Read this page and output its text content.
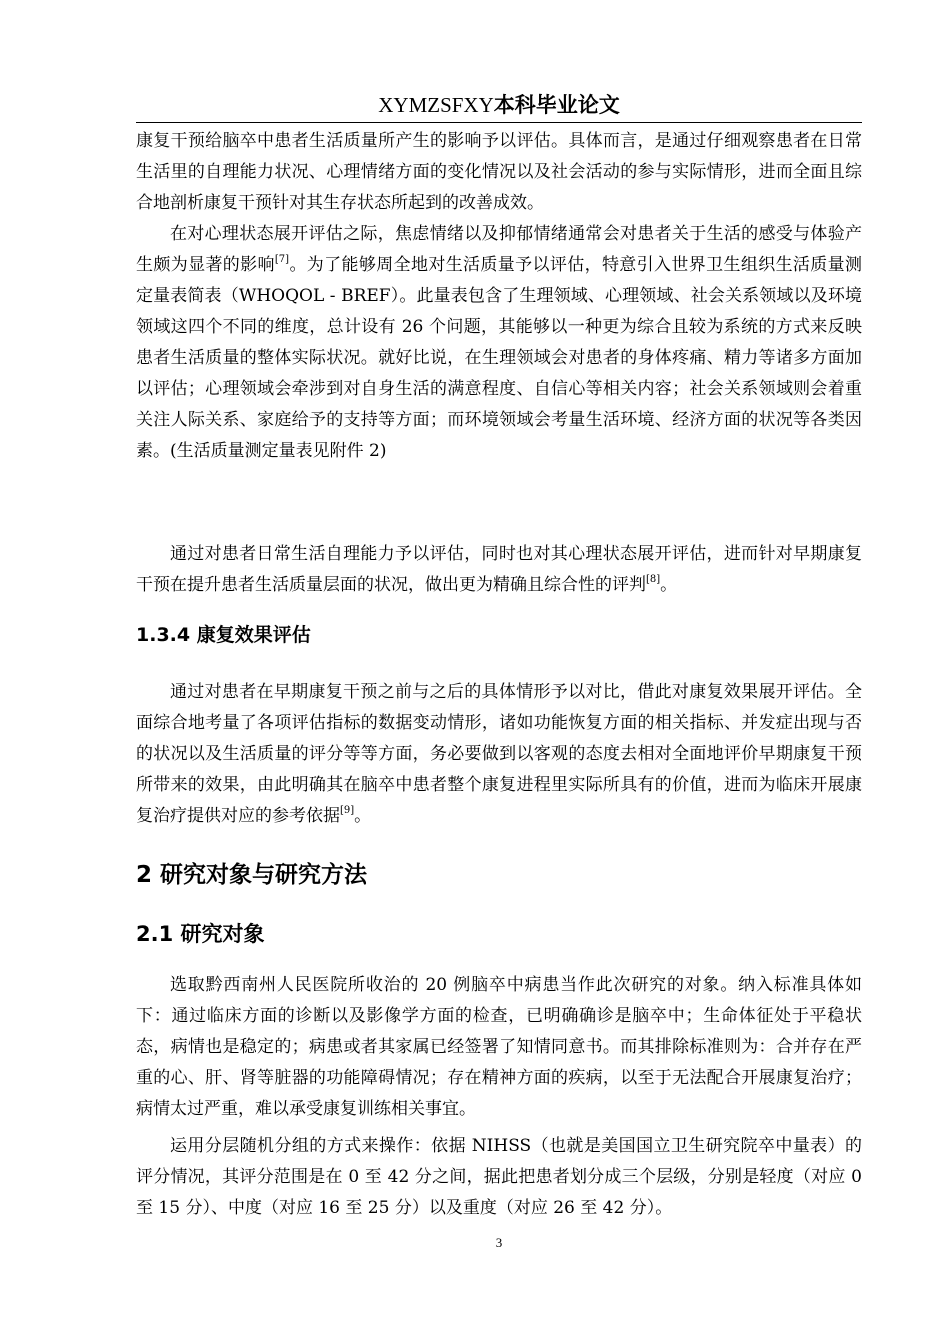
XYMZSFXY本科毕业论文

康复干预给脑卒中患者生活质量所产生的影响予以评估。具体而言，是通过仔细观察患者在日常生活里的自理能力状况、心理情绪方面的变化情况以及社会活动的参与实际情形，进而全面且综合地剖析康复干预针对其生存状态所起到的改善成效。

在对心理状态展开评估之际，焦虑情绪以及抑郁情绪通常会对患者关于生活的感受与体验产生颇为显著的影响[7]。为了能够周全地对生活质量予以评估，特意引入世界卫生组织生活质量测定量表简表（WHOQOL - BREF）。此量表包含了生理领域、心理领域、社会关系领域以及环境领域这四个不同的维度，总计设有 26 个问题，其能够以一种更为综合且较为系统的方式来反映患者生活质量的整体实际状况。就好比说，在生理领域会对患者的身体疼痛、精力等诸多方面加以评估；心理领域会牵涉到对自身生活的满意程度、自信心等相关内容；社会关系领域则会着重关注人际关系、家庭给予的支持等方面；而环境领域会考量生活环境、经济方面的状况等各类因素。(生活质量测定量表见附件 2)

通过对患者日常生活自理能力予以评估，同时也对其心理状态展开评估，进而针对早期康复干预在提升患者生活质量层面的状况，做出更为精确且综合性的评判[8]。

1.3.4 康复效果评估

通过对患者在早期康复干预之前与之后的具体情形予以对比，借此对康复效果展开评估。全面综合地考量了各项评估指标的数据变动情形，诸如功能恢复方面的相关指标、并发症出现与否的状况以及生活质量的评分等等方面，务必要做到以客观的态度去相对全面地评价早期康复干预所带来的效果，由此明确其在脑卒中患者整个康复进程里实际所具有的价值，进而为临床开展康复治疗提供对应的参考依据[9]。

2 研究对象与研究方法
2.1 研究对象

选取黔西南州人民医院所收治的 20 例脑卒中病患当作此次研究的对象。纳入标准具体如下：通过临床方面的诊断以及影像学方面的检查，已明确确诊是脑卒中；生命体征处于平稳状态，病情也是稳定的；病患或者其家属已经签署了知情同意书。而其排除标准则为：合并存在严重的心、肝、肾等脏器的功能障碍情况；存在精神方面的疾病，以至于无法配合开展康复治疗；病情太过严重，难以承受康复训练相关事宜。

运用分层随机分组的方式来操作：依据 NIHSS（也就是美国国立卫生研究院卒中量表）的评分情况，其评分范围是在 0 至 42 分之间，据此把患者划分成三个层级，分别是轻度（对应 0 至 15 分）、中度（对应 16 至 25 分）以及重度（对应 26 至 42 分）。

3
